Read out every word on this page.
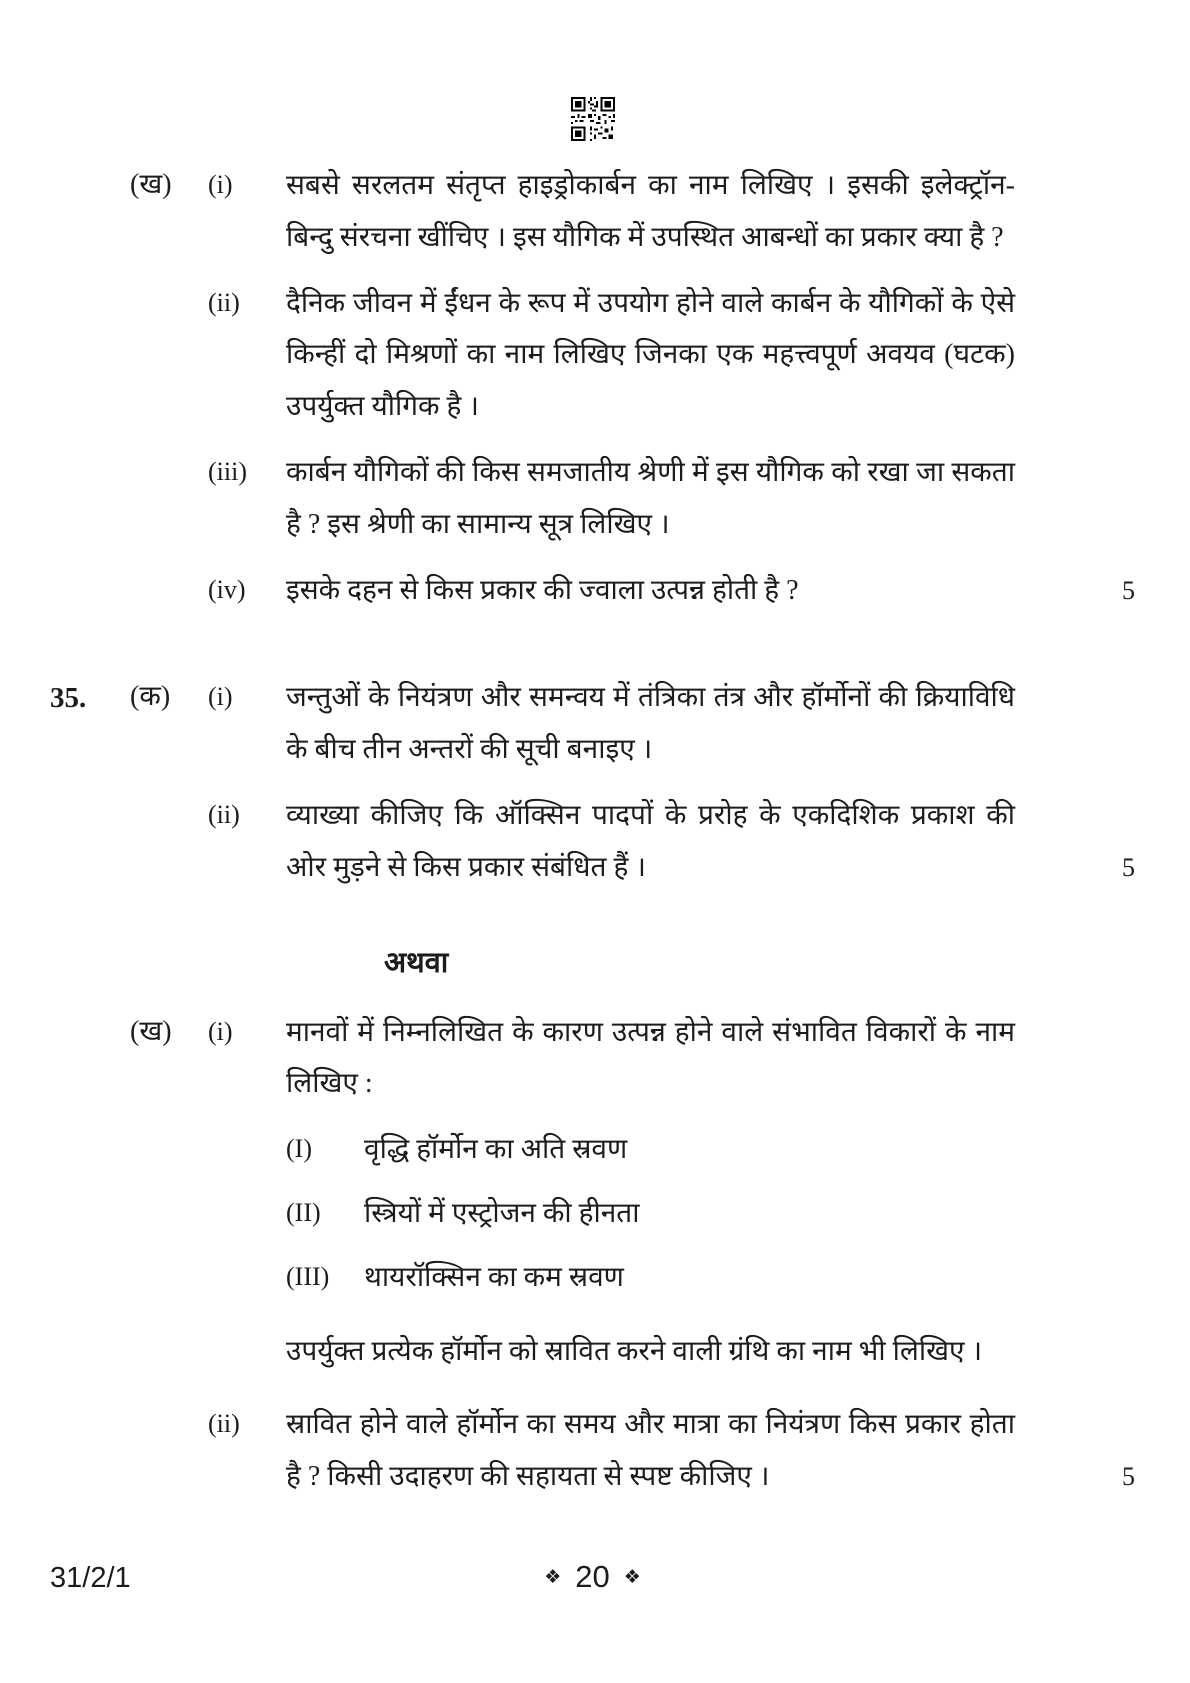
(ख)	(i)	सबसे सरलतम संतृप्त हाइड्रोकार्बन का नाम लिखिए । इसकी इलेक्ट्रॉन-बिन्दु संरचना खींचिए । इस यौगिक में उपस्थित आबन्धों का प्रकार क्या है ?
(ii)	दैनिक जीवन में ईंधन के रूप में उपयोग होने वाले कार्बन के यौगिकों के ऐसे किन्हीं दो मिश्रणों का नाम लिखिए जिनका एक महत्त्वपूर्ण अवयव (घटक) उपर्युक्त यौगिक है ।
(iii)	कार्बन यौगिकों की किस समजातीय श्रेणी में इस यौगिक को रखा जा सकता है ? इस श्रेणी का सामान्य सूत्र लिखिए ।
(iv)	इसके दहन से किस प्रकार की ज्वाला उत्पन्न होती है ?	5
35.	(क)	(i)	जन्तुओं के नियंत्रण और समन्वय में तंत्रिका तंत्र और हॉर्मोनों की क्रियाविधि के बीच तीन अन्तरों की सूची बनाइए ।
(ii)	व्याख्या कीजिए कि ऑक्सिन पादपों के प्ररोह के एकदिशिक प्रकाश की ओर मुड़ने से किस प्रकार संबंधित हैं ।	5
अथवा
(ख)	(i)	मानवों में निम्नलिखित के कारण उत्पन्न होने वाले संभावित विकारों के नाम लिखिए :
(I)	वृद्धि हॉर्मोन का अति स्रवण
(II)	स्त्रियों में एस्ट्रोजन की हीनता
(III)	थायरॉक्सिन का कम स्रवण
उपर्युक्त प्रत्येक हॉर्मोन को स्रावित करने वाली ग्रंथि का नाम भी लिखिए ।
(ii)	स्रावित होने वाले हॉर्मोन का समय और मात्रा का नियंत्रण किस प्रकार होता है ? किसी उदाहरण की सहायता से स्पष्ट कीजिए ।	5
31/2/1	❖ 20 ❖
